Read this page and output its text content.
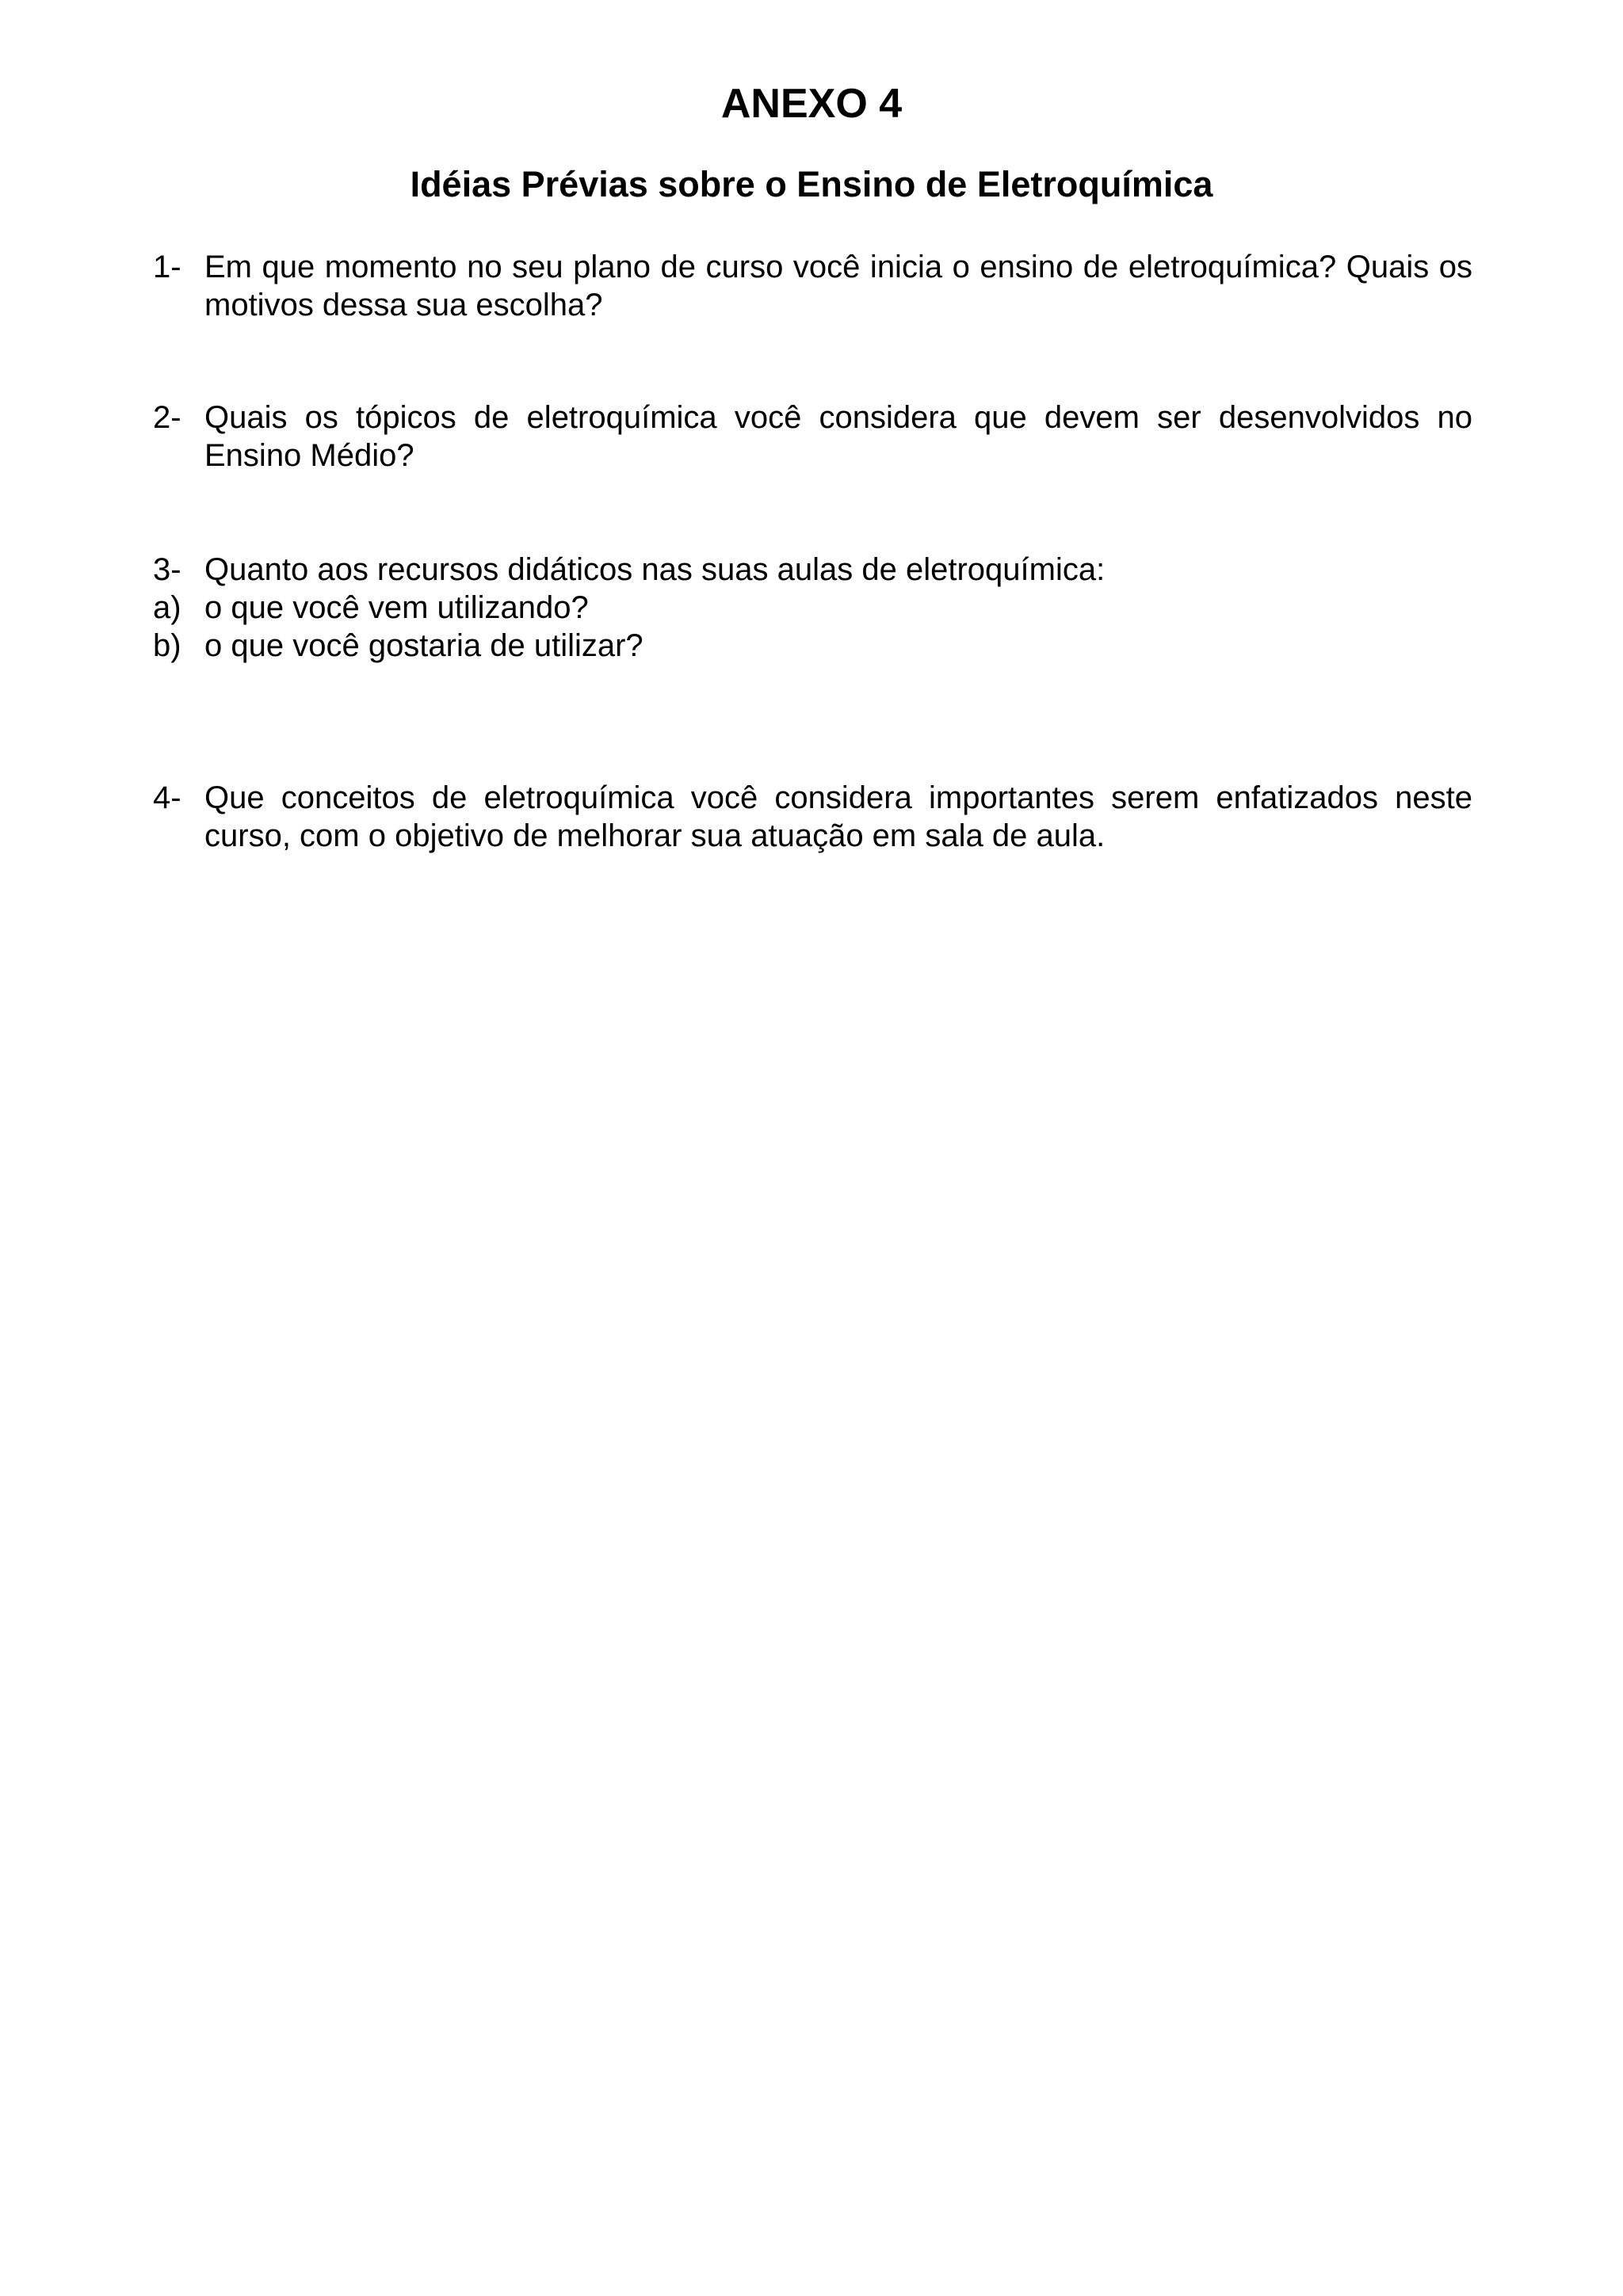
ANEXO 4
Idéias Prévias sobre o Ensino de Eletroquímica
1- Em que momento no seu plano de curso você inicia o ensino de eletroquímica? Quais os motivos dessa sua escolha?
2- Quais os tópicos de eletroquímica você considera que devem ser desenvolvidos no Ensino Médio?
3- Quanto aos recursos didáticos nas suas aulas de eletroquímica:
a) o que você vem utilizando?
b) o que você gostaria de utilizar?
4- Que conceitos de eletroquímica você considera importantes serem enfatizados neste curso, com o objetivo de melhorar sua atuação em sala de aula.
